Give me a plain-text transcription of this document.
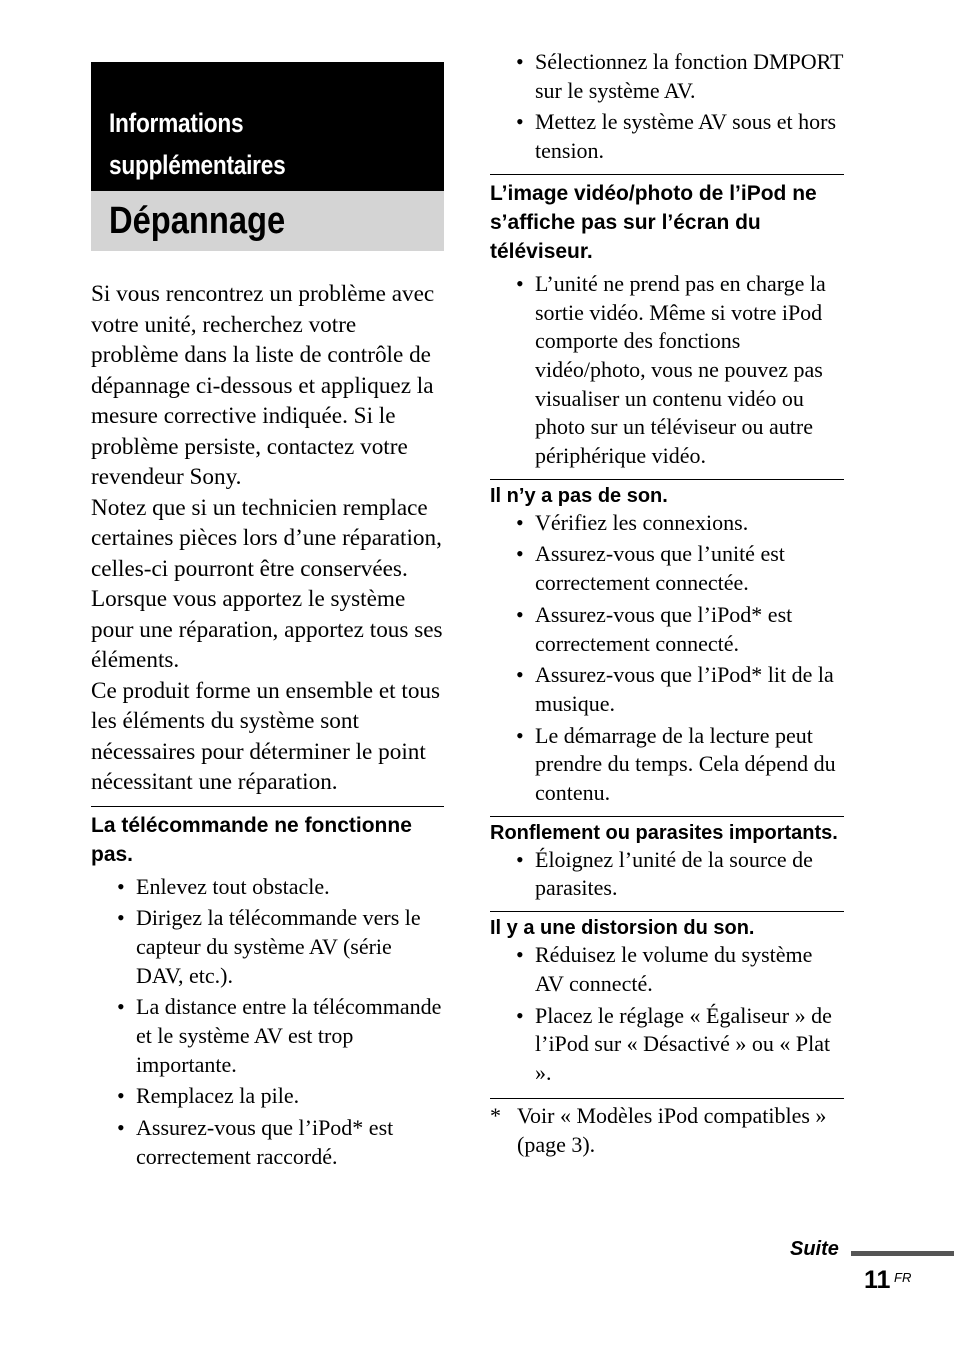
Informations
supplémentaires
Dépannage

Si vous rencontrez un problème avec votre unité, recherchez votre problème dans la liste de contrôle de dépannage ci-dessous et appliquez la mesure corrective indiquée. Si le problème persiste, contactez votre revendeur Sony.

Notez que si un technicien remplace certaines pièces lors d’une réparation, celles-ci pourront être conservées.

Lorsque vous apportez le système pour une réparation, apportez tous ses éléments.

Ce produit forme un ensemble et tous les éléments du système sont nécessaires pour déterminer le point nécessitant une réparation.

La télécommande ne fonctionne pas.
• Enlevez tout obstacle.
• Dirigez la télécommande vers le capteur du système AV (série DAV, etc.).
• La distance entre la télécommande et le système AV est trop importante.
• Remplacez la pile.
• Assurez-vous que l’iPod* est correctement raccordé.
• Sélectionnez la fonction DMPORT sur le système AV.
• Mettez le système AV sous et hors tension.
L’image vidéo/photo de l’iPod ne s’affiche pas sur l’écran du téléviseur.
• L’unité ne prend pas en charge la sortie vidéo. Même si votre iPod comporte des fonctions vidéo/photo, vous ne pouvez pas visualiser un contenu vidéo ou photo sur un téléviseur ou autre périphérique vidéo.
Il n’y a pas de son.
• Vérifiez les connexions.
• Assurez-vous que l’unité est correctement connectée.
• Assurez-vous que l’iPod* est correctement connecté.
• Assurez-vous que l’iPod* lit de la musique.
• Le démarrage de la lecture peut prendre du temps. Cela dépend du contenu.
Ronflement ou parasites importants.
• Éloignez l’unité de la source de parasites.
Il y a une distorsion du son.
• Réduisez le volume du système AV connecté.
• Placez le réglage « Égaliseur » de l’iPod sur « Désactivé » ou « Plat ».
* Voir « Modèles iPod compatibles » (page 3).
Suite
11 FR
